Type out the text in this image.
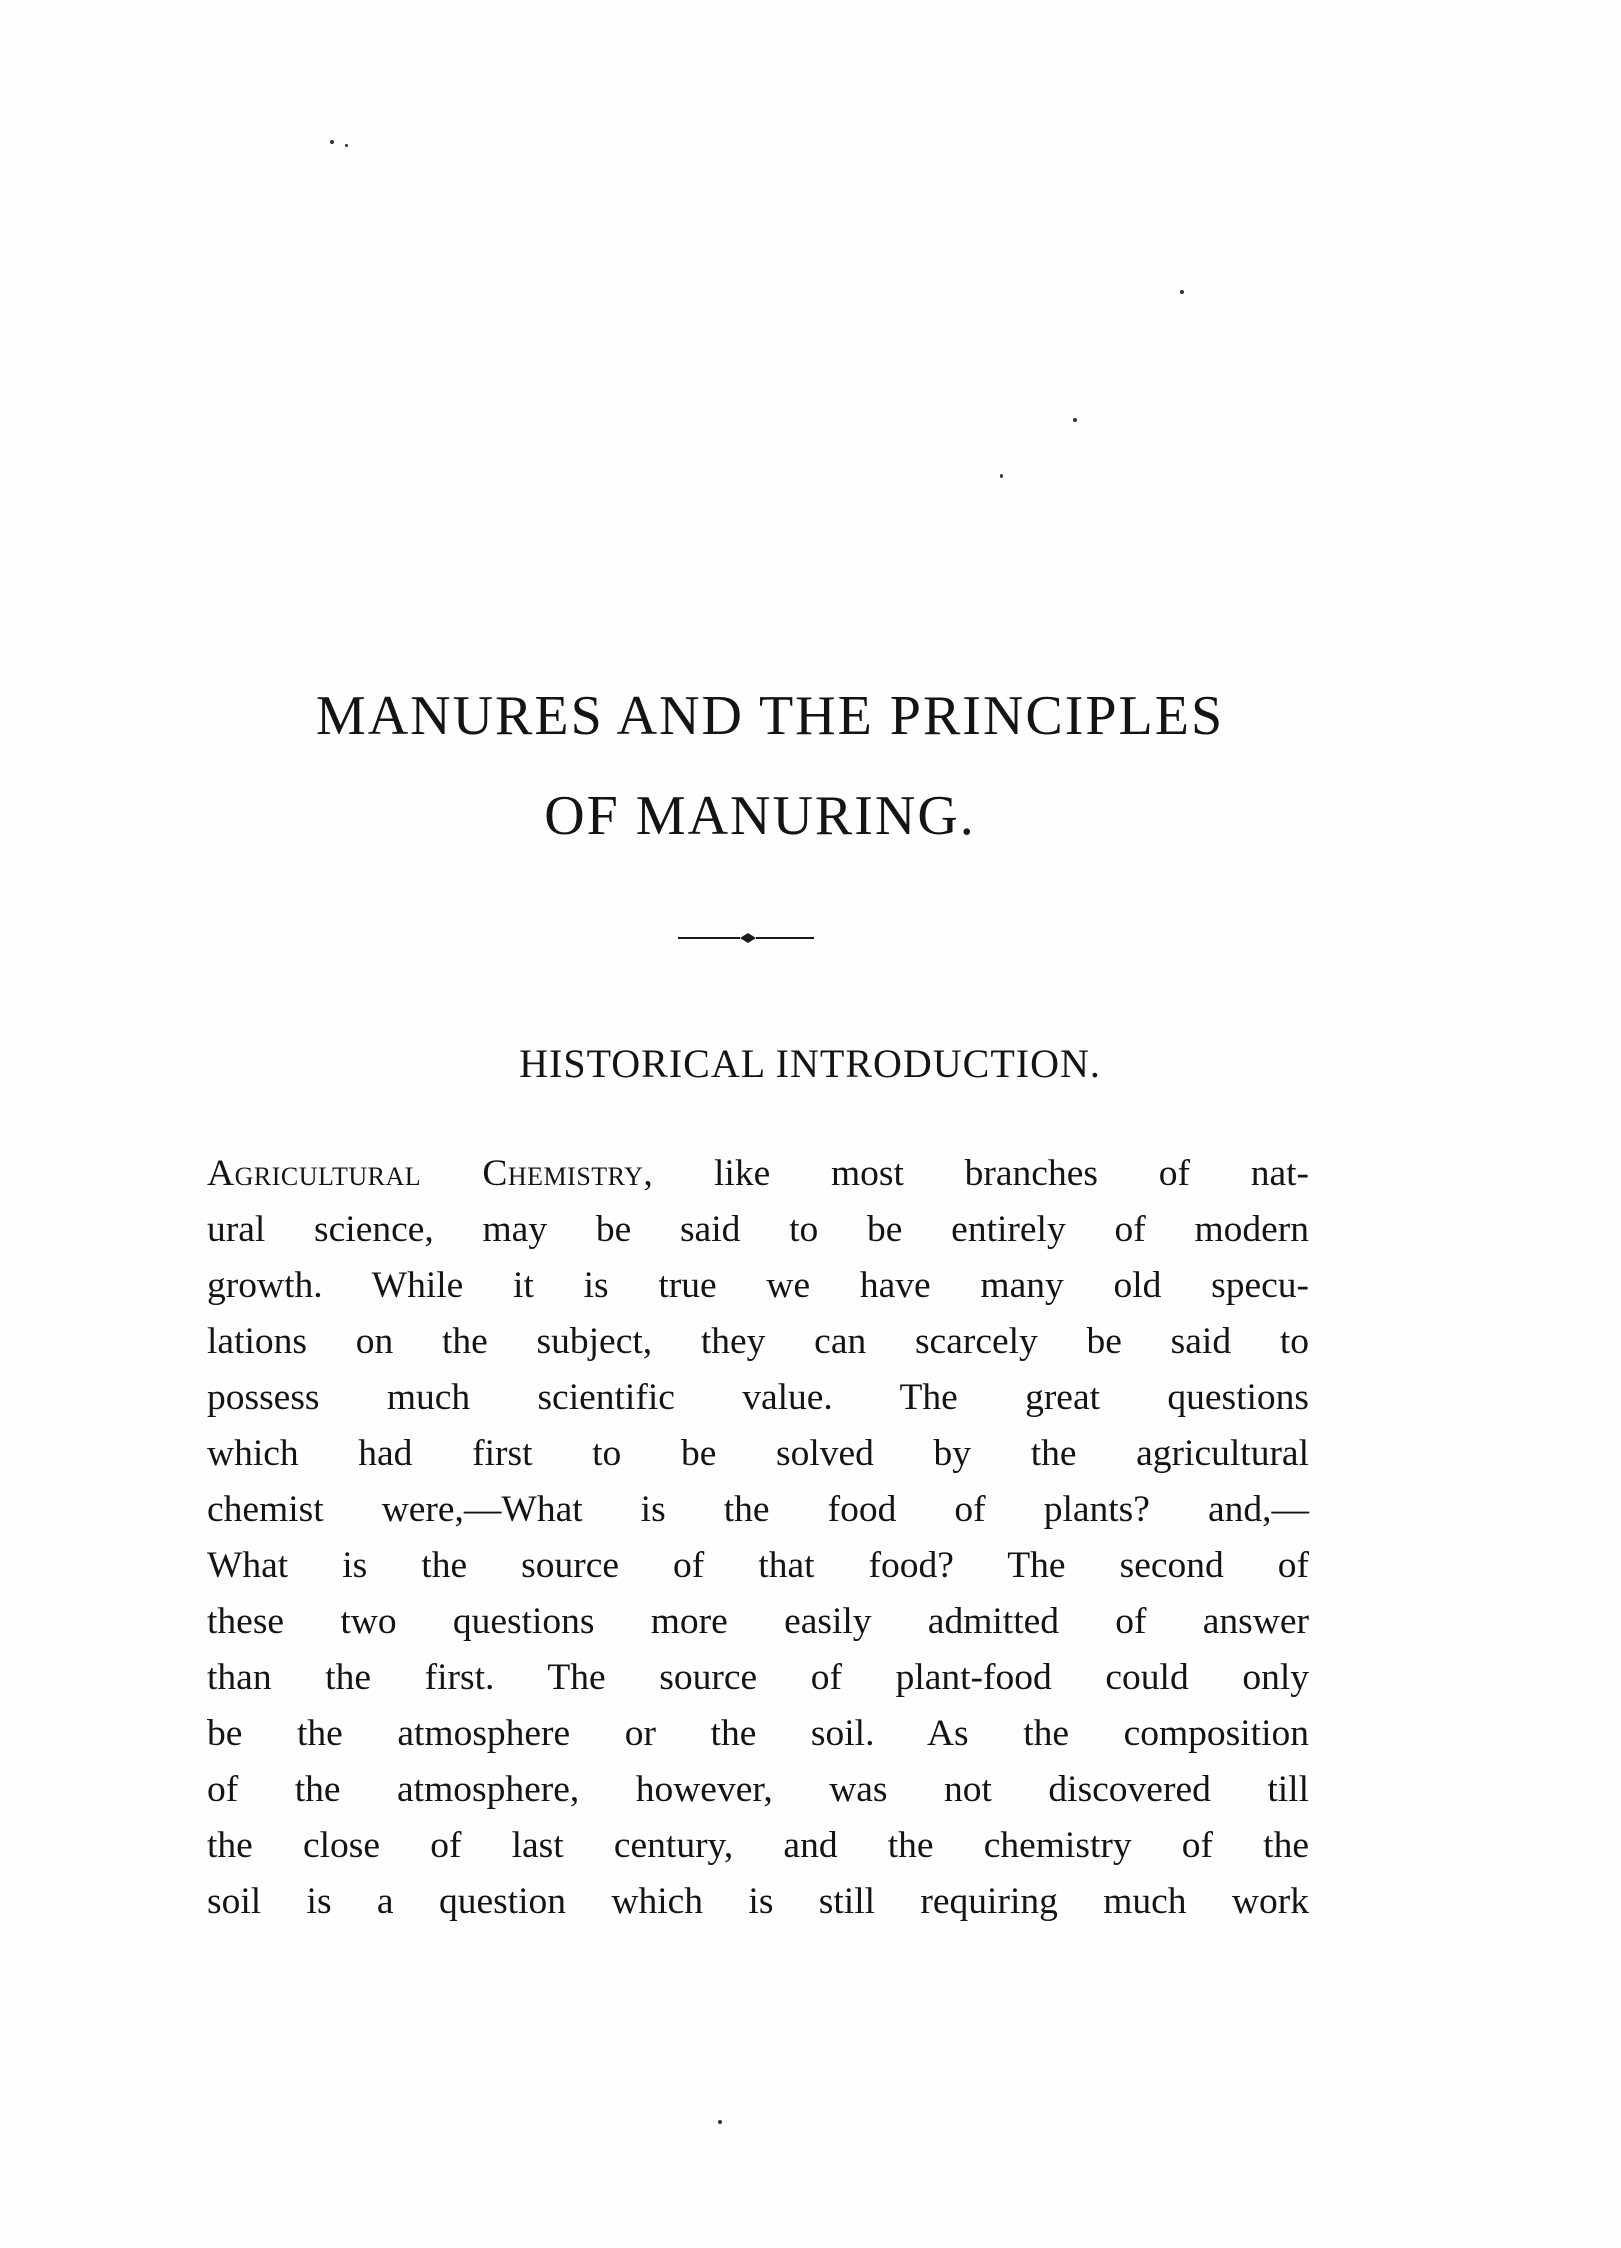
MANURES AND THE PRINCIPLES
OF MANURING.
HISTORICAL INTRODUCTION.
Agricultural Chemistry, like most branches of nat-
ural science, may be said to be entirely of modern
growth. While it is true we have many old specu-
lations on the subject, they can scarcely be said to
possess much scientific value. The great questions
which had first to be solved by the agricultural
chemist were,—What is the food of plants? and,—
What is the source of that food? The second of
these two questions more easily admitted of answer
than the first. The source of plant-food could only
be the atmosphere or the soil. As the composition
of the atmosphere, however, was not discovered till
the close of last century, and the chemistry of the
soil is a question which is still requiring much work
